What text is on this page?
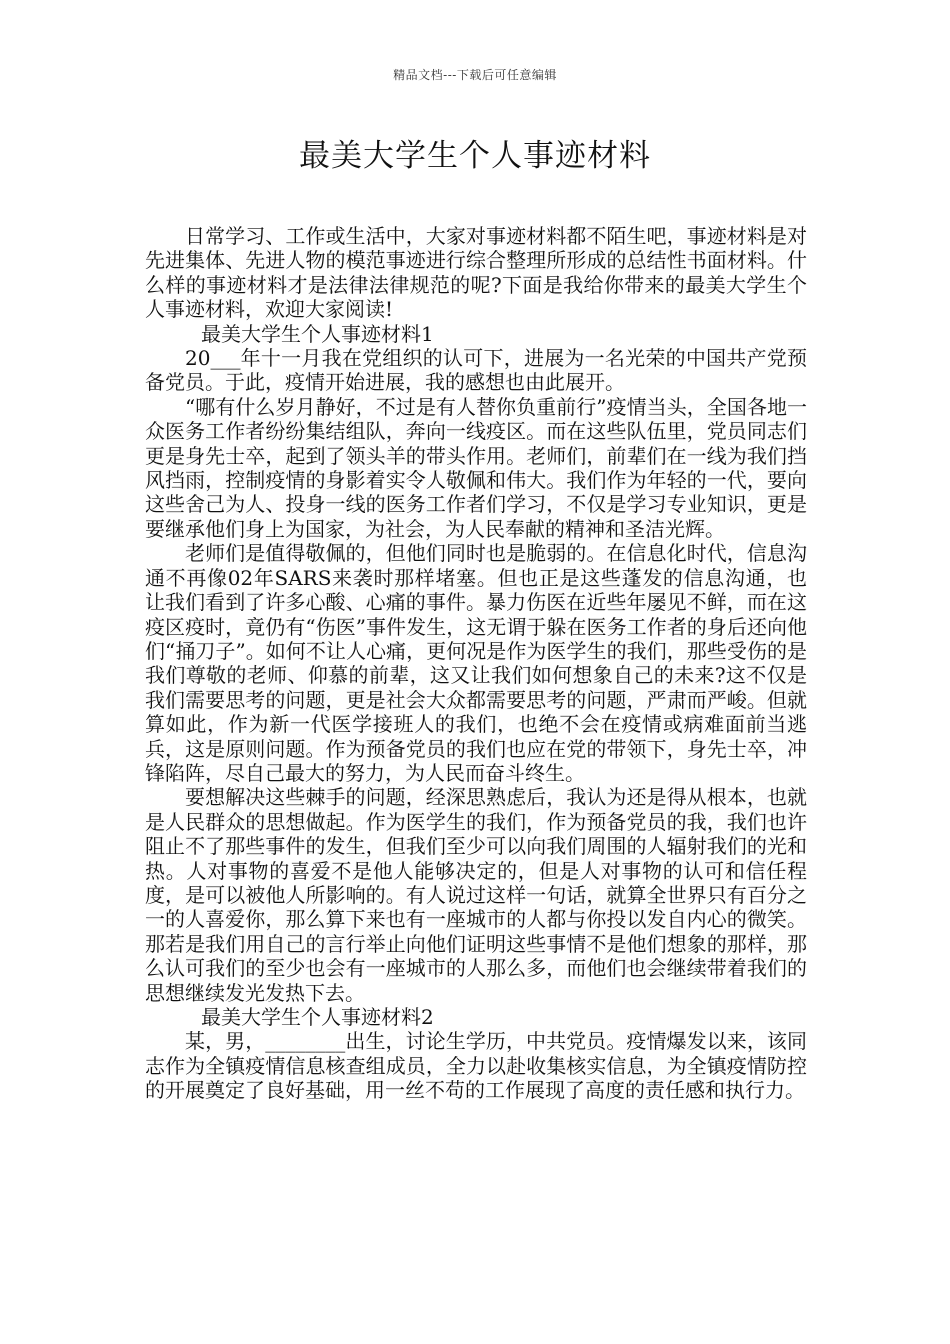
精品文档---下载后可任意编辑
最美大学生个人事迹材料

日常学习、工作或生活中，大家对事迹材料都不陌生吧，事迹材料是对先进集体、先进人物的模范事迹进行综合整理所形成的总结性书面材料。什么样的事迹材料才是法律法律规范的呢?下面是我给你带来的最美大学生个人事迹材料，欢迎大家阅读!

最美大学生个人事迹材料1

20___年十一月我在党组织的认可下，进展为一名光荣的中国共产党预备党员。于此，疫情开始进展，我的感想也由此展开。

“哪有什么岁月静好，不过是有人替你负重前行”疫情当头，全国各地一众医务工作者纷纷集结组队，奔向一线疫区。而在这些队伍里，党员同志们更是身先士卒，起到了领头羊的带头作用。老师们，前辈们在一线为我们挡风挡雨，控制疫情的身影着实令人敬佩和伟大。我们作为年轻的一代，要向这些舍己为人、投身一线的医务工作者们学习，不仅是学习专业知识，更是要继承他们身上为国家，为社会，为人民奉献的精神和圣洁光辉。

老师们是值得敬佩的，但他们同时也是脆弱的。在信息化时代，信息沟通不再像02年SARS来袭时那样堵塞。但也正是这些蓬发的信息沟通，也让我们看到了许多心酸、心痛的事件。暴力伤医在近些年屡见不鲜，而在这疫区疫时，竟仍有“伤医”事件发生，这无谓于躲在医务工作者的身后还向他们“捅刀子”。如何不让人心痛，更何况是作为医学生的我们，那些受伤的是我们尊敬的老师、仰慕的前辈，这又让我们如何想象自己的未来?这不仅是我们需要思考的问题，更是社会大众都需要思考的问题，严肃而严峻。但就算如此，作为新一代医学接班人的我们，也绝不会在疫情或病难面前当逃兵，这是原则问题。作为预备党员的我们也应在党的带领下，身先士卒，冲锋陷阵，尽自己最大的努力，为人民而奋斗终生。

要想解决这些棘手的问题，经深思熟虑后，我认为还是得从根本，也就是人民群众的思想做起。作为医学生的我们，作为预备党员的我，我们也许阻止不了那些事件的发生，但我们至少可以向我们周围的人辐射我们的光和热。人对事物的喜爱不是他人能够决定的，但是人对事物的认可和信任程度，是可以被他人所影响的。有人说过这样一句话，就算全世界只有百分之一的人喜爱你，那么算下来也有一座城市的人都与你投以发自内心的微笑。那若是我们用自己的言行举止向他们证明这些事情不是他们想象的那样，那么认可我们的至少也会有一座城市的人那么多，而他们也会继续带着我们的思想继续发光发热下去。

最美大学生个人事迹材料2

某，男，________出生，讨论生学历，中共党员。疫情爆发以来，该同志作为全镇疫情信息核查组成员，全力以赴收集核实信息，为全镇疫情防控的开展奠定了良好基础，用一丝不苟的工作展现了高度的责任感和执行力。
